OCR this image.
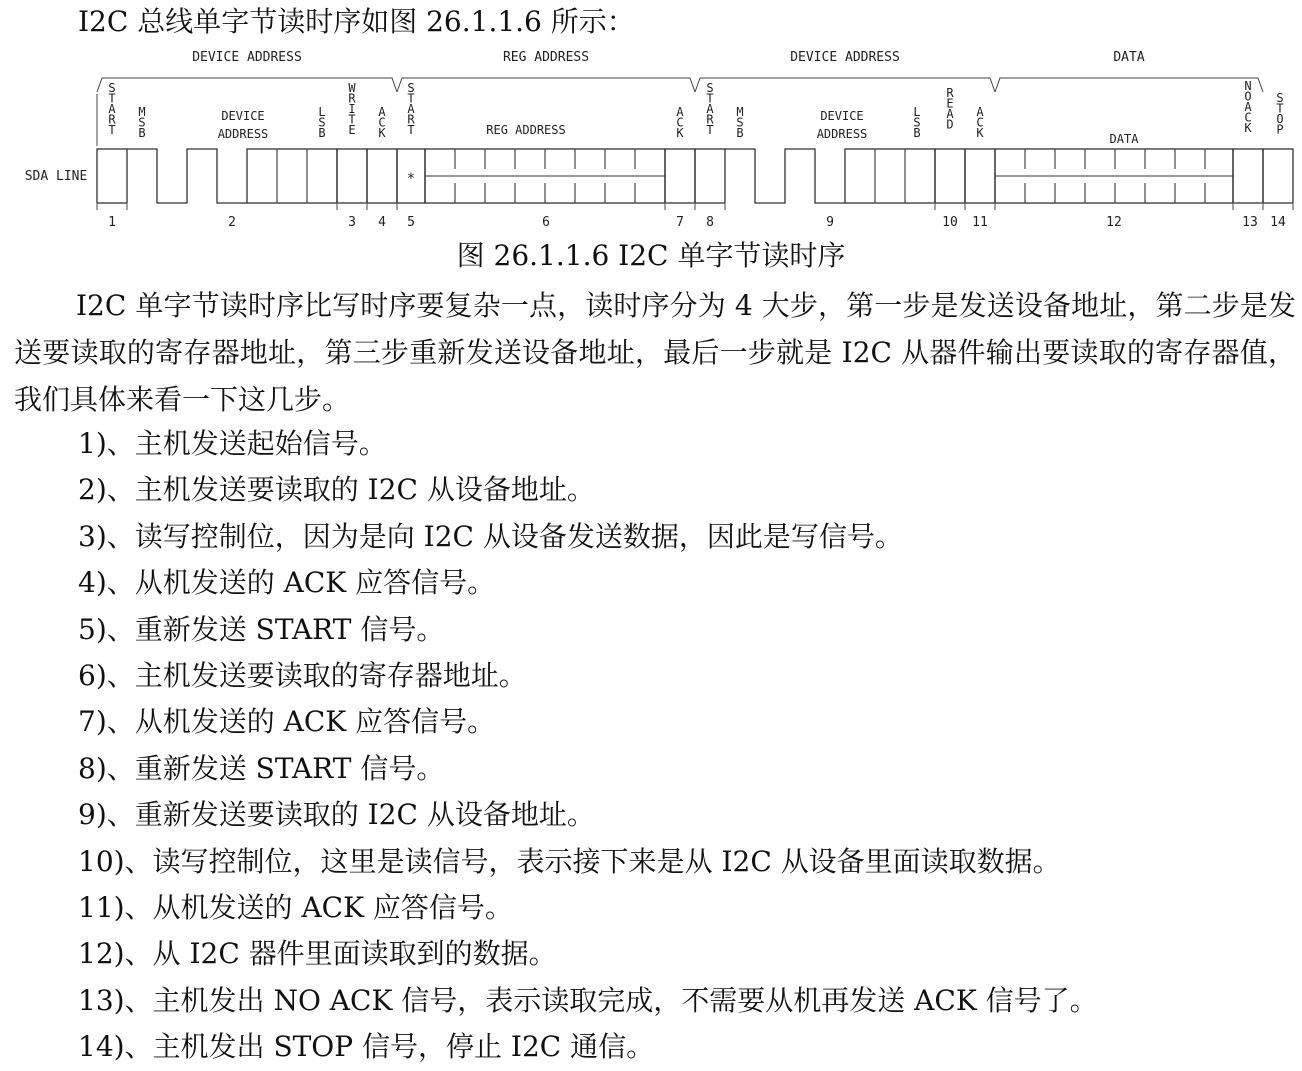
I2C 总线单字节读时序如图 26.1.1.6 所示：

DEVICE ADDRESS	REG ADDRESS	DEVICE ADDRESS	DATA
SDA LINE
DEVICE
ADDRESS	REG ADDRESS
DEVICE
ADDRESS	DATA
*
S T A R T
M S B
L S B
W R I T E
A C K
S T A R T
A C K
S T A R T
M S B
L S B
R E A D
A C K
N O A C K
S T O P
1	2	3 4 5	6	7 8	9	10 11	12	13 14

图 26.1.1.6 I2C 单字节读时序

I2C 单字节读时序比写时序要复杂一点，读时序分为 4 大步，第一步是发送设备地址，第二步是发送要读取的寄存器地址，第三步重新发送设备地址，最后一步就是 I2C 从器件输出要读取的寄存器值，我们具体来看一下这几步。

1)、主机发送起始信号。
2)、主机发送要读取的 I2C 从设备地址。
3)、读写控制位，因为是向 I2C 从设备发送数据，因此是写信号。
4)、从机发送的 ACK 应答信号。
5)、重新发送 START 信号。
6)、主机发送要读取的寄存器地址。
7)、从机发送的 ACK 应答信号。
8)、重新发送 START 信号。
9)、重新发送要读取的 I2C 从设备地址。
10)、读写控制位，这里是读信号，表示接下来是从 I2C 从设备里面读取数据。
11)、从机发送的 ACK 应答信号。
12)、从 I2C 器件里面读取到的数据。
13)、主机发出 NO ACK 信号，表示读取完成，不需要从机再发送 ACK 信号了。
14)、主机发出 STOP 信号，停止 I2C 通信。
